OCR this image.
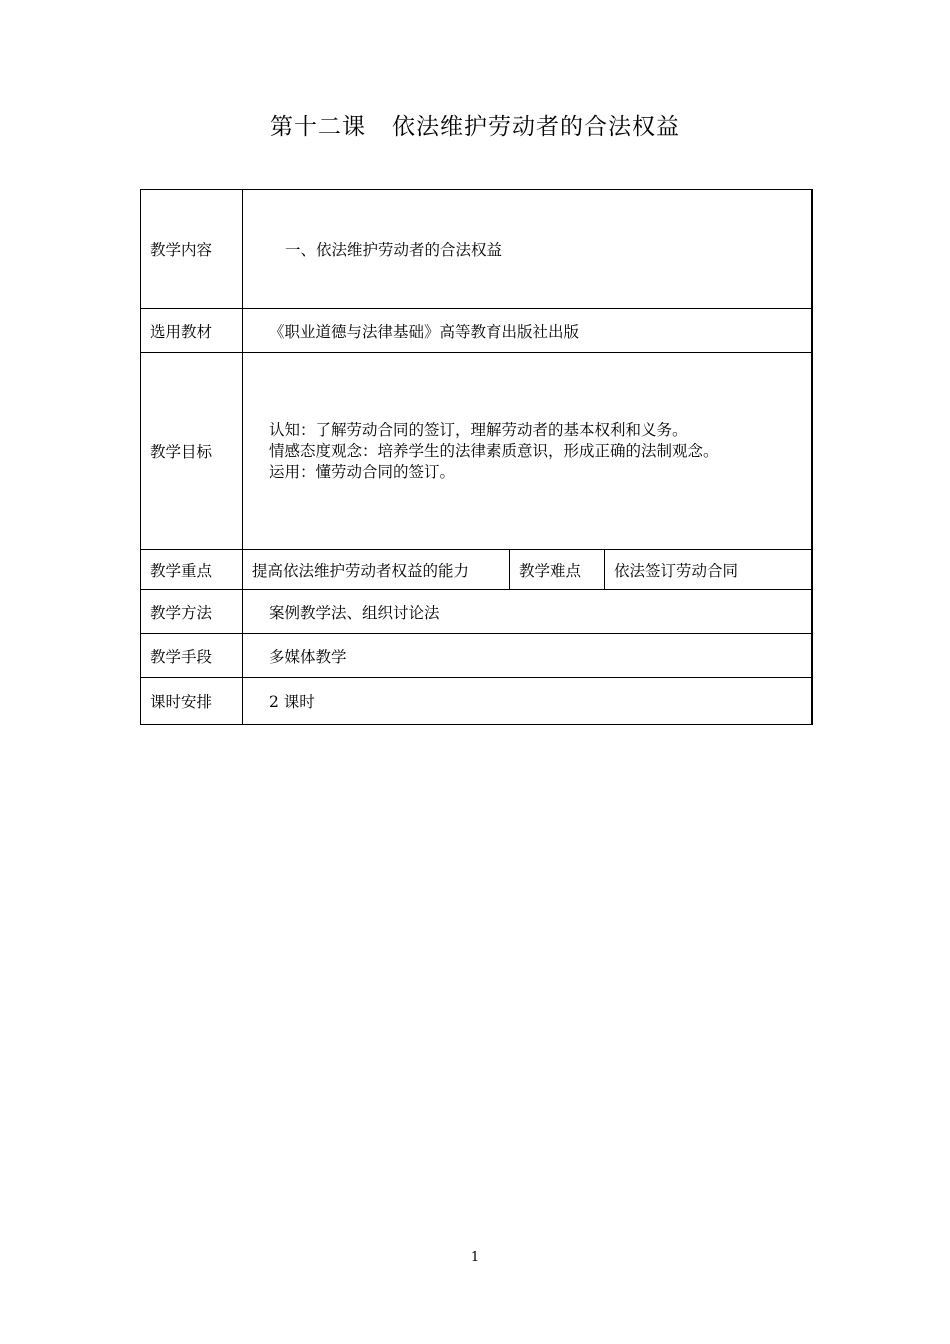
第十二课 依法维护劳动者的合法权益
教学内容	一、依法维护劳动者的合法权益		
选用教材	《职业道德与法律基础》高等教育出版社出版		
教学目标	认知：了解劳动合同的签订，理解劳动者的基本权利和义务。
情感态度观念：培养学生的法律素质意识，形成正确的法制观念。
运用：懂劳动合同的签订。		

教学重点	提高依法维护劳动者权益的能力	教学难点	依法签订劳动合同
教学方法	案例教学法、组织讨论法		
教学手段	多媒体教学		
课时安排	2 课时		
1
